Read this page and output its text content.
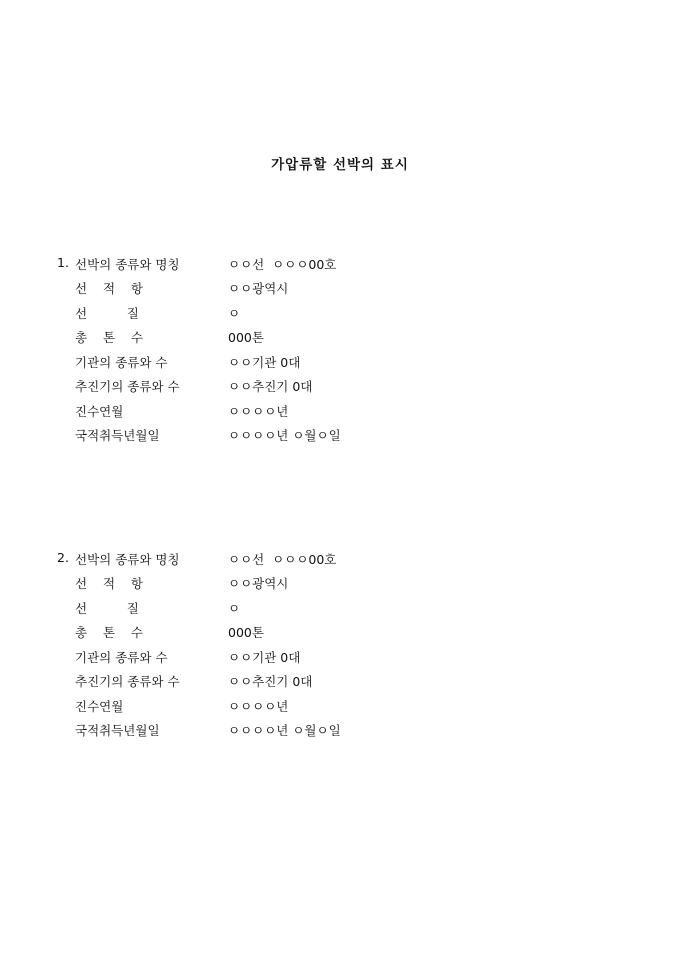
가압류할 선박의 표시

1.

선박의 종류와 명칭

	ㅇㅇ선  ㅇㅇㅇ00호

선    적    항

	ㅇㅇ광역시

선          질

	ㅇ

총    톤    수

	000톤

기관의 종류와 수

	ㅇㅇ기관 0대

추진기의 종류와 수

	ㅇㅇ추진기 0대

진수연월

	ㅇㅇㅇㅇ년

국적취득년월일

	ㅇㅇㅇㅇ년 ㅇ월ㅇ일

2.

선박의 종류와 명칭

	ㅇㅇ선  ㅇㅇㅇ00호

선    적    항

	ㅇㅇ광역시

선          질

	ㅇ

총    톤    수

	000톤

기관의 종류와 수

	ㅇㅇ기관 0대

추진기의 종류와 수

	ㅇㅇ추진기 0대

진수연월

	ㅇㅇㅇㅇ년

국적취득년월일

	ㅇㅇㅇㅇ년 ㅇ월ㅇ일
